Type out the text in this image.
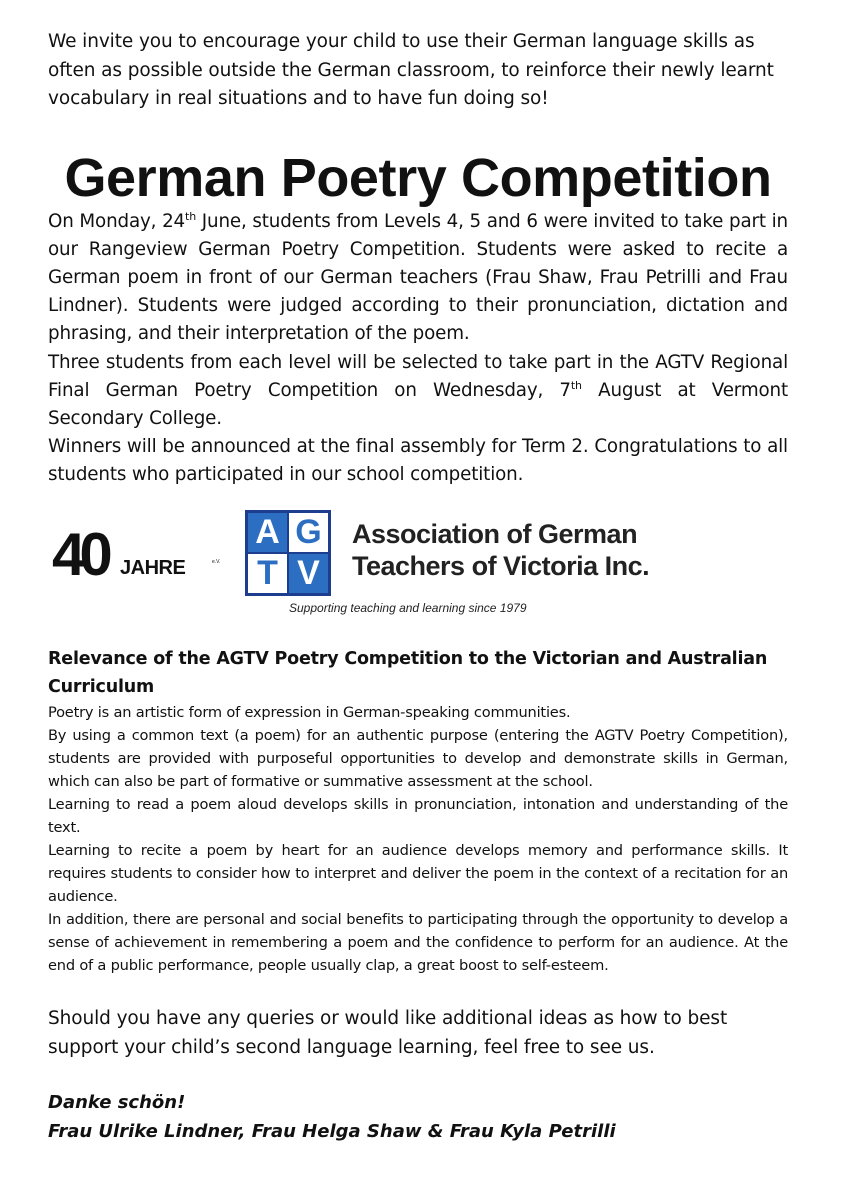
We invite you to encourage your child to use their German language skills as often as possible outside the German classroom, to reinforce their newly learnt vocabulary in real situations and to have fun doing so!

German Poetry Competition

On Monday, 24th June, students from Levels 4, 5 and 6 were invited to take part in our Rangeview German Poetry Competition. Students were asked to recite a German poem in front of our German teachers (Frau Shaw, Frau Petrilli and Frau Lindner). Students were judged according to their pronunciation, dictation and phrasing, and their interpretation of the poem.

Three students from each level will be selected to take part in the AGTV Regional Final German Poetry Competition on Wednesday, 7th August at Vermont Secondary College.

Winners will be announced at the final assembly for Term 2. Congratulations to all students who participated in our school competition.

40 JAHRE	e.V.
A G
T V
Association of German
Teachers of Victoria Inc.
Supporting teaching and learning since 1979
Relevance of the AGTV Poetry Competition to the Victorian and Australian Curriculum

Poetry is an artistic form of expression in German-speaking communities.

By using a common text (a poem) for an authentic purpose (entering the AGTV Poetry Competition), students are provided with purposeful opportunities to develop and demonstrate skills in German, which can also be part of formative or summative assessment at the school.

Learning to read a poem aloud develops skills in pronunciation, intonation and understanding of the text.

Learning to recite a poem by heart for an audience develops memory and performance skills. It requires students to consider how to interpret and deliver the poem in the context of a recitation for an audience.

In addition, there are personal and social benefits to participating through the opportunity to develop a sense of achievement in remembering a poem and the confidence to perform for an audience. At the end of a public performance, people usually clap, a great boost to self-esteem.

Should you have any queries or would like additional ideas as how to best support your child’s second language learning, feel free to see us.

Danke schön!
Frau Ulrike Lindner, Frau Helga Shaw & Frau Kyla Petrilli
